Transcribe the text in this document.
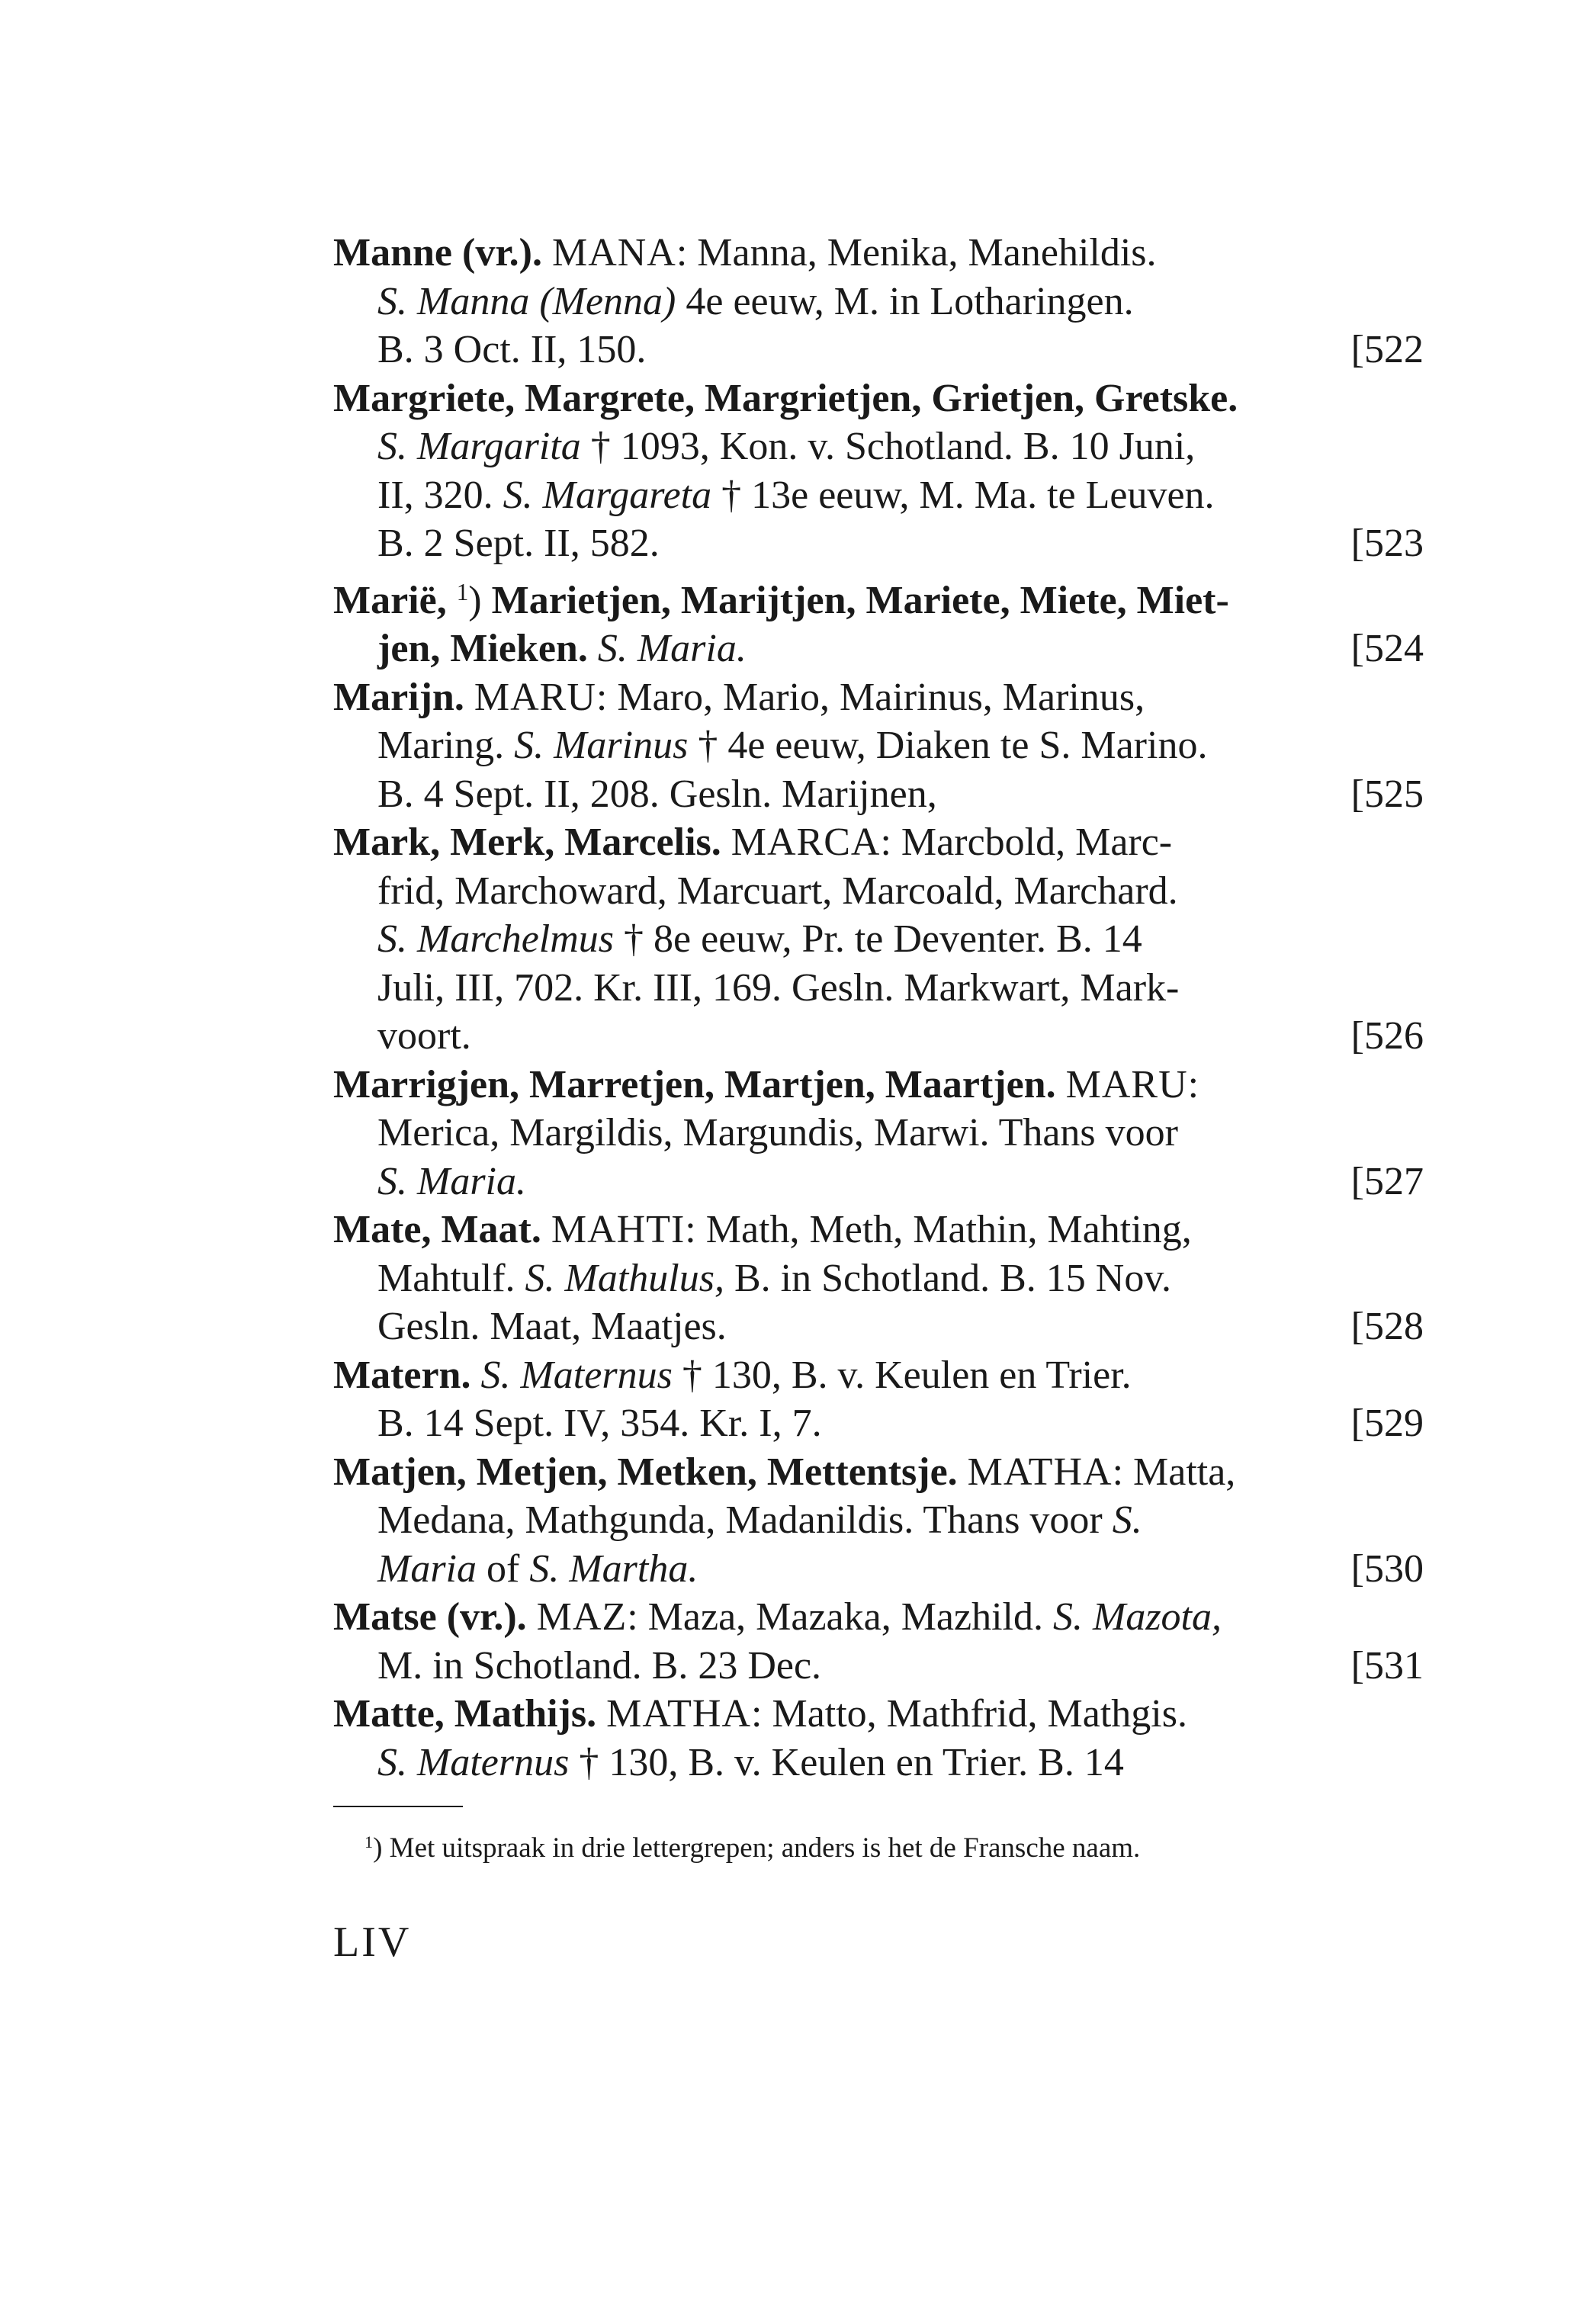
Manne (vr.). MANA: Manna, Menika, Manehildis.
S. Manna (Menna) 4e eeuw, M. in Lotharingen.
B. 3 Oct. II, 150.	[522
Margriete, Margrete, Margrietjen, Grietjen, Gretske.
S. Margarita † 1093, Kon. v. Schotland. B. 10 Juni,
II, 320. S. Margareta † 13e eeuw, M. Ma. te Leuven.
B. 2 Sept. II, 582.	[523
Marië, $^1$) Marietjen, Marijtjen, Mariete, Miete, Miet-
jen, Mieken. S. Maria.	[524
Marijn. MARU: Maro, Mario, Mairinus, Marinus,
Maring. S. Marinus † 4e eeuw, Diaken te S. Marino.
B. 4 Sept. II, 208. Gesln. Marijnen,	[525
Mark, Merk, Marcelis. MARCA: Marcbold, Marc-
frid, Marchoward, Marcuart, Marcoald, Marchard.
S. Marchelmus † 8e eeuw, Pr. te Deventer. B. 14
Juli, III, 702. Kr. III, 169. Gesln. Markwart, Mark-
voort.	[526
Marrigjen, Marretjen, Martjen, Maartjen. MARU:
Merica, Margildis, Margundis, Marwi. Thans voor
S. Maria.	[527
Mate, Maat. MAHTI: Math, Meth, Mathin, Mahting,
Mahtulf. S. Mathulus, B. in Schotland. B. 15 Nov.
Gesln. Maat, Maatjes.	[528
Matern. S. Maternus † 130, B. v. Keulen en Trier.
B. 14 Sept. IV, 354. Kr. I, 7.	[529
Matjen, Metjen, Metken, Mettentsje. MATHA: Matta,
Medana, Mathgunda, Madanildis. Thans voor S.
Maria of S. Martha.	[530
Matse (vr.). MAZ: Maza, Mazaka, Mazhild. S. Mazota,
M. in Schotland. B. 23 Dec.	[531
Matte, Mathijs. MATHA: Matto, Mathfrid, Mathgis.
S. Maternus † 130, B. v. Keulen en Trier. B. 14
$^1$) Met uitspraak in drie lettergrepen; anders is het de Fransche naam.
LIV
